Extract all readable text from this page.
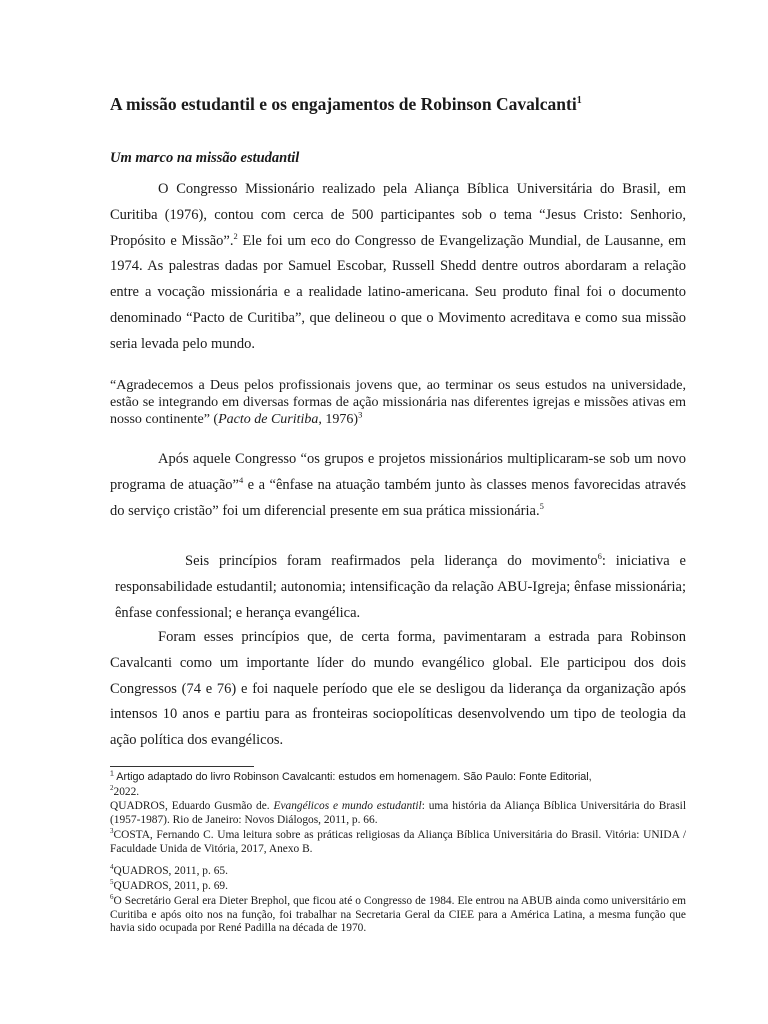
A missão estudantil e os engajamentos de Robinson Cavalcanti$^1$
Um marco na missão estudantil

O Congresso Missionário realizado pela Aliança Bíblica Universitária do Brasil, em Curitiba (1976), contou com cerca de 500 participantes sob o tema “Jesus Cristo: Senhorio, Propósito e Missão”.$^2$ Ele foi um eco do Congresso de Evangelização Mundial, de Lausanne, em 1974. As palestras dadas por Samuel Escobar, Russell Shedd dentre outros abordaram a relação entre a vocação missionária e a realidade latino-americana. Seu produto final foi o documento denominado “Pacto de Curitiba”, que delineou o que o Movimento acreditava e como sua missão seria levada pelo mundo.

“Agradecemos a Deus pelos profissionais jovens que, ao terminar os seus estudos na universidade, estão se integrando em diversas formas de ação missionária nas diferentes igrejas e missões ativas em nosso continente” (Pacto de Curitiba, 1976)$^3$

Após aquele Congresso “os grupos e projetos missionários multiplicaram-se sob um novo programa de atuação”$^4$ e a “ênfase na atuação também junto às classes menos favorecidas através do serviço cristão” foi um diferencial presente em sua prática missionária.$^5$

Seis princípios foram reafirmados pela liderança do movimento$^6$: iniciativa e responsabilidade estudantil; autonomia; intensificação da relação ABU-Igreja; ênfase missionária; ênfase confessional; e herança evangélica.

Foram esses princípios que, de certa forma, pavimentaram a estrada para Robinson Cavalcanti como um importante líder do mundo evangélico global. Ele participou dos dois Congressos (74 e 76) e foi naquele período que ele se desligou da liderança da organização após intensos 10 anos e partiu para as fronteiras sociopolíticas desenvolvendo um tipo de teologia da ação política dos evangélicos.

$^1$ Artigo adaptado do livro Robinson Cavalcanti: estudos em homenagem. São Paulo: Fonte Editorial,

$^2$2022.

QUADROS, Eduardo Gusmão de. Evangélicos e mundo estudantil: uma história da Aliança Bíblica Universitária do Brasil (1957-1987). Rio de Janeiro: Novos Diálogos, 2011, p. 66.

$^3$COSTA, Fernando C. Uma leitura sobre as práticas religiosas da Aliança Bíblica Universitária do Brasil. Vitória: UNIDA / Faculdade Unida de Vitória, 2017, Anexo B.

$^4$QUADROS, 2011, p. 65.

$^5$QUADROS, 2011, p. 69.

$^6$O Secretário Geral era Dieter Brephol, que ficou até o Congresso de 1984. Ele entrou na ABUB ainda como universitário em Curitiba e após oito nos na função, foi trabalhar na Secretaria Geral da CIEE para a América Latina, a mesma função que havia sido ocupada por René Padilla na década de 1970.
